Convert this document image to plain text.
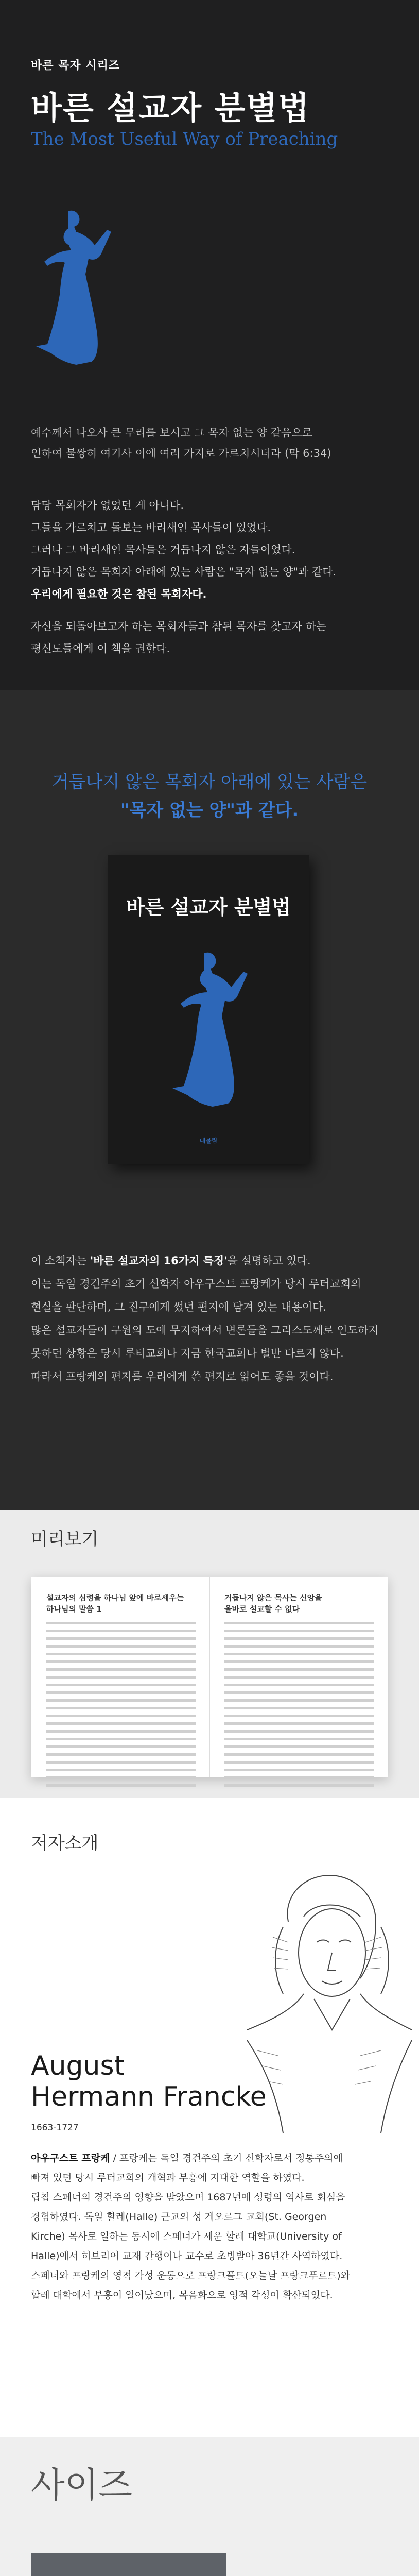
바른 목자 시리즈
바른 설교자 분별법
The Most Useful Way of Preaching
예수께서 나오사 큰 무리를 보시고 그 목자 없는 양 같음으로
인하여 불쌍히 여기사 이에 여러 가지로 가르치시더라 (막 6:34)
담당 목회자가 없었던 게 아니다.
그들을 가르치고 돌보는 바리새인 목사들이 있었다.
그러나 그 바리새인 목사들은 거듭나지 않은 자들이었다.
거듭나지 않은 목회자 아래에 있는 사람은 "목자 없는 양"과 같다.
우리에게 필요한 것은 참된 목회자다.
자신을 되돌아보고자 하는 목회자들과 참된 목자를 찾고자 하는
평신도들에게 이 책을 권한다.
거듭나지 않은 목회자 아래에 있는 사람은
"목자 없는 양"과 같다.
바른 설교자 분별법
대물림
이 소책자는 '바른 설교자의 16가지 특징'을 설명하고 있다.
이는 독일 경건주의 초기 신학자 아우구스트 프랑케가 당시 루터교회의
현실을 판단하며, 그 진구에게 썼던 편지에 담겨 있는 내용이다.
많은 설교자들이 구원의 도에 무지하여서 변론들을 그리스도께로 인도하지
못하던 상황은 당시 루터교회나 지금 한국교회나 별반 다르지 않다.
따라서 프랑케의 편지를 우리에게 쓴 편지로 읽어도 좋을 것이다.
미리보기
설교자의 심령을 하나님 앞에 바로세우는
하나님의 말씀 1
거듭나지 않은 목사는 신앙을
올바로 설교할 수 없다
저자소개
August
Hermann Francke
1663-1727
아우구스트 프랑케 / 프랑케는 독일 경건주의 초기 신학자로서 정통주의에
빠져 있던 당시 루터교회의 개혁과 부흥에 지대한 역할을 하였다.
립칩 스페너의 경건주의 영향을 받았으며 1687년에 성령의 역사로 회심을
경험하였다. 독일 할레(Halle) 근교의 성 게오르그 교회(St. Georgen
Kirche) 목사로 일하는 동시에 스페너가 세운 할레 대학교(University of
Halle)에서 히브리어 교재 간행이나 교수로 초빙받아 36년간 사역하였다.
스페너와 프랑케의 영적 각성 운동으로 프랑크플트(오늘날 프랑크푸르트)와
할레 대학에서 부흥이 일어났으며, 복음화으로 영적 각성이 확산되었다.
사이즈
